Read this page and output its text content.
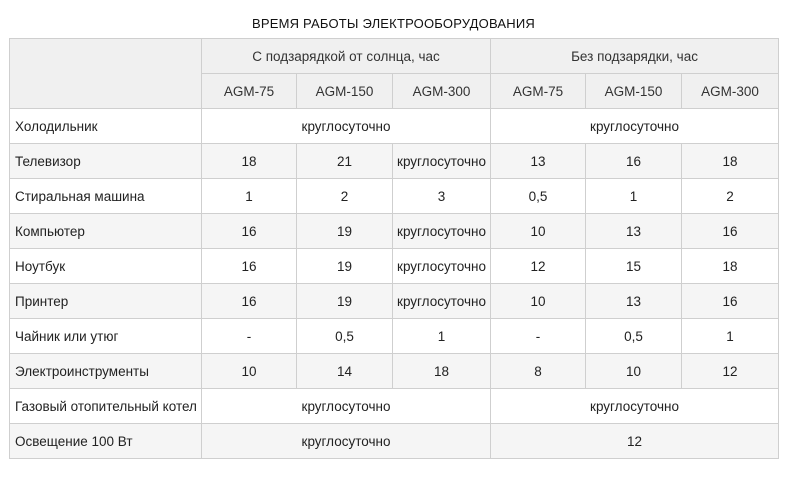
ВРЕМЯ РАБОТЫ ЭЛЕКТРООБОРУДОВАНИЯ
	С подзарядкой от солнца, час			Без подзарядки, час		
	AGM-75	AGM-150	AGM-300	AGM-75	AGM-150	AGM-300
Холодильник	круглосуточно			круглосуточно		
Телевизор	18	21	круглосуточно	13	16	18
Стиральная машина	1	2	3	0,5	1	2
Компьютер	16	19	круглосуточно	10	13	16
Ноутбук	16	19	круглосуточно	12	15	18
Принтер	16	19	круглосуточно	10	13	16
Чайник или утюг	-	0,5	1	-	0,5	1
Электроинструменты	10	14	18	8	10	12
Газовый отопительный котел	круглосуточно			круглосуточно		
Освещение 100 Вт	круглосуточно			12		
